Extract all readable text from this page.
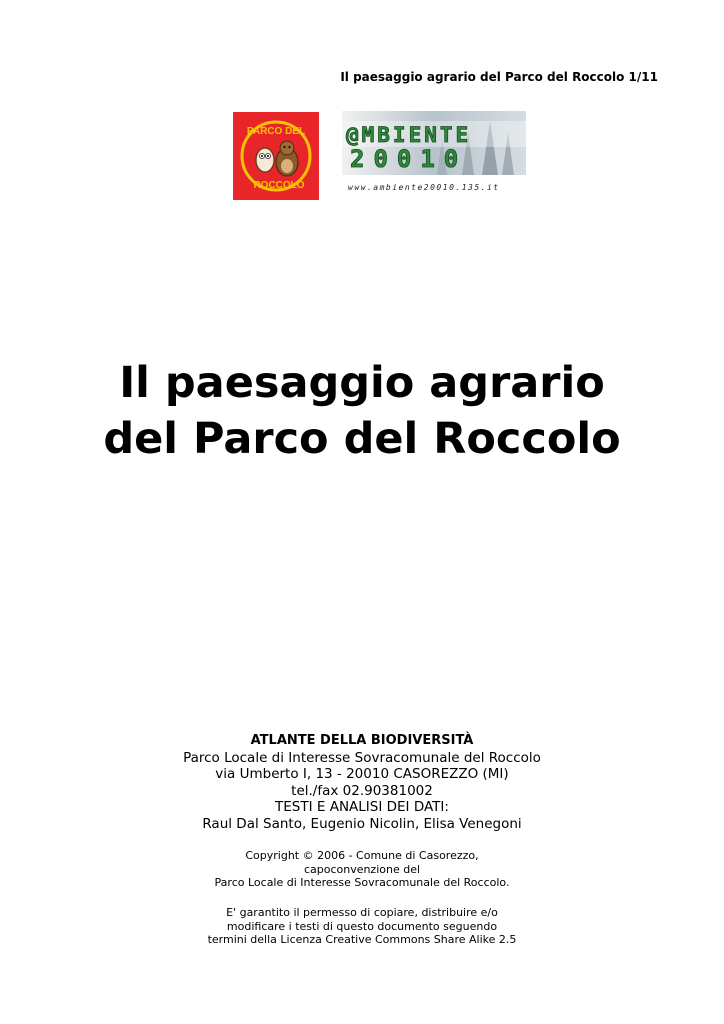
Il paesaggio agrario del Parco del Roccolo 1/11
PARCO DEL
ROCCOLO
@MBIENTE
20010
www.ambiente20010.135.it
Il paesaggio agrario
del Parco del Roccolo
ATLANTE DELLA BIODIVERSITÀ
Parco Locale di Interesse Sovracomunale del Roccolo
via Umberto I, 13 - 20010 CASOREZZO (MI)
tel./fax 02.90381002
TESTI E ANALISI DEI DATI:
Raul Dal Santo, Eugenio Nicolin, Elisa Venegoni
Copyright © 2006 - Comune di Casorezzo,
capoconvenzione del
Parco Locale di Interesse Sovracomunale del Roccolo.
E' garantito il permesso di copiare, distribuire e/o
modificare i testi di questo documento seguendo
termini della Licenza Creative Commons Share Alike 2.5
